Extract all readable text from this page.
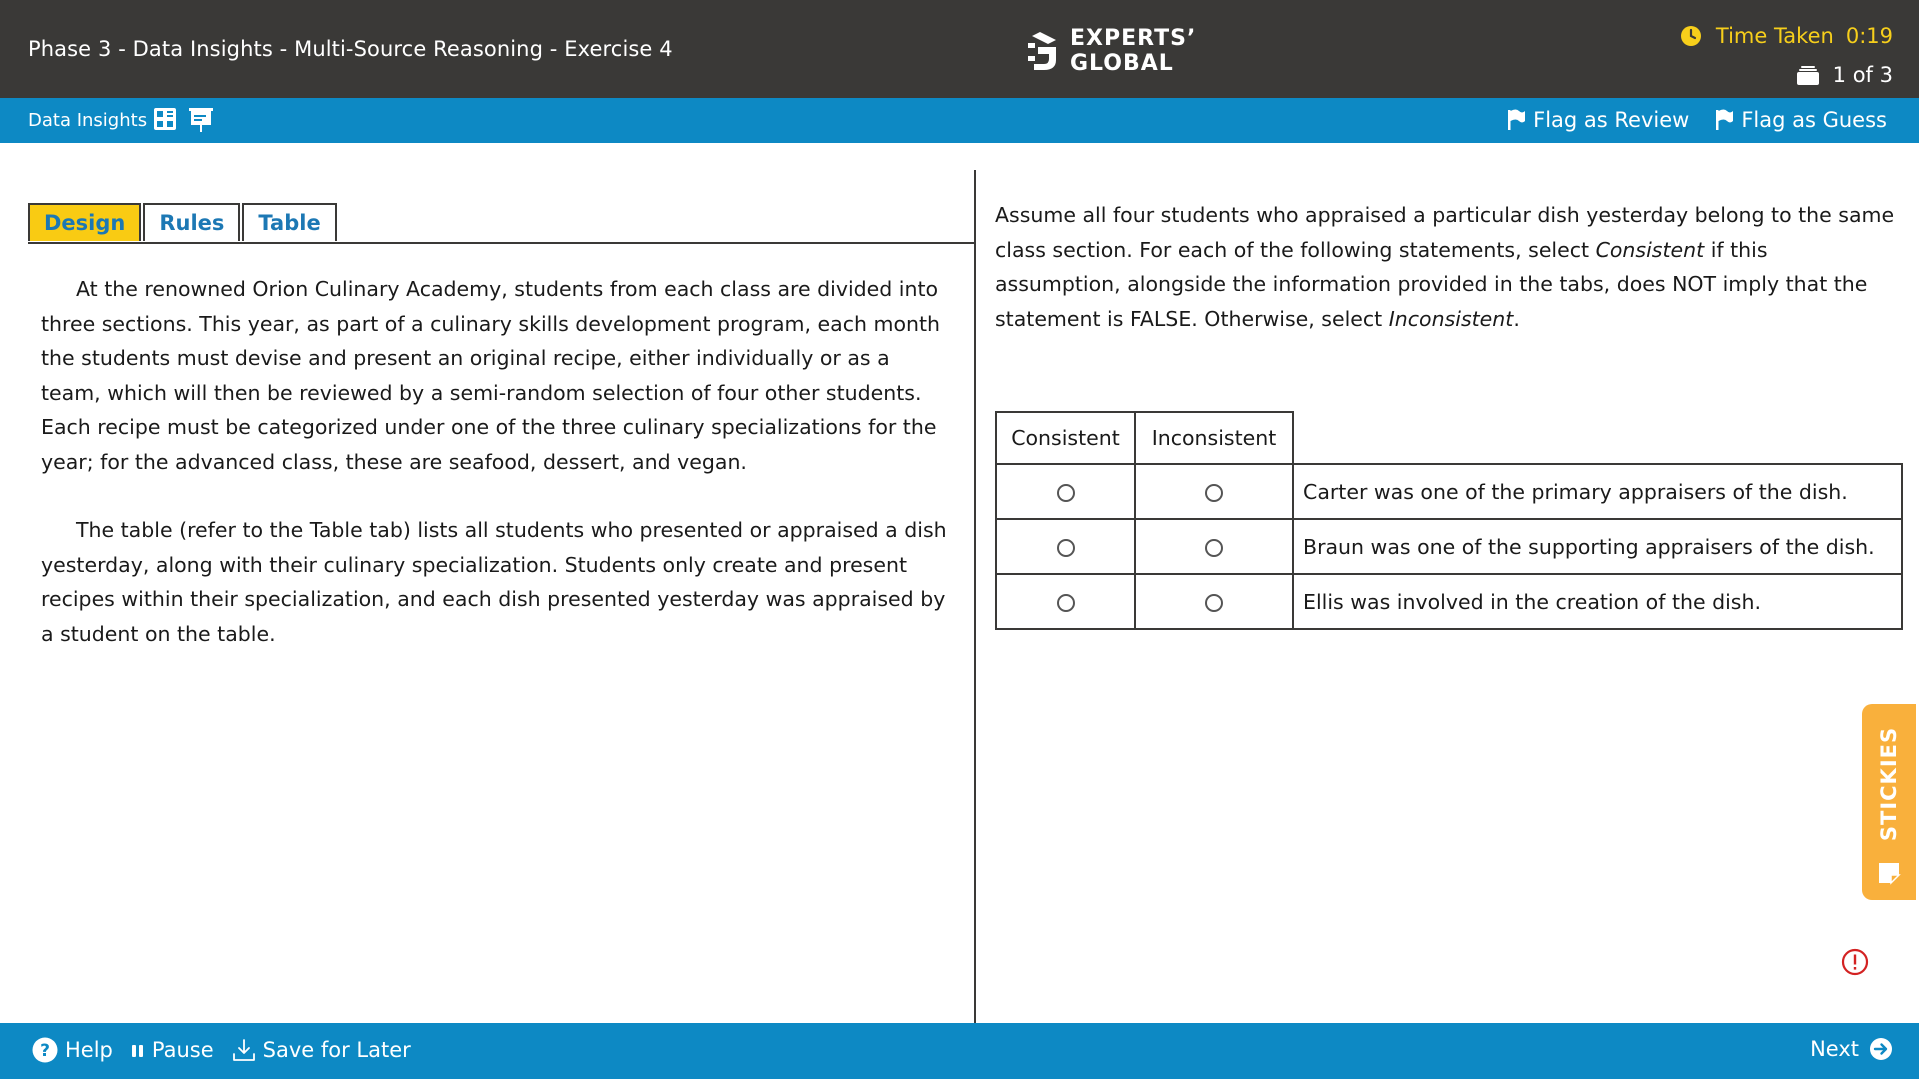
Phase 3 - Data Insights - Multi-Source Reasoning - Exercise 4	EXPERTS’
GLOBAL
Time Taken 0:19
1 of 3
Data Insights	Flag as Review Flag as Guess
Design	Rules	Table

At the renowned Orion Culinary Academy, students from each class are divided into three sections. This year, as part of a culinary skills development program, each month the students must devise and present an original recipe, either individually or as a team, which will then be reviewed by a semi-random selection of four other students. Each recipe must be categorized under one of the three culinary specializations for the year; for the advanced class, these are seafood, dessert, and vegan.

The table (refer to the Table tab) lists all students who presented or appraised a dish yesterday, along with their culinary specialization. Students only create and present recipes within their specialization, and each dish presented yesterday was appraised by a student on the table.

Assume all four students who appraised a particular dish yesterday belong to the same class section. For each of the following statements, select Consistent if this assumption, alongside the information provided in the tabs, does NOT imply that the statement is FALSE. Otherwise, select Inconsistent.
Consistent	Inconsistent	
		Carter was one of the primary appraisers of the dish.
		Braun was one of the supporting appraisers of the dish.
		Ellis was involved in the creation of the dish.
STICKIES
? Help Pause Save for Later	Next
